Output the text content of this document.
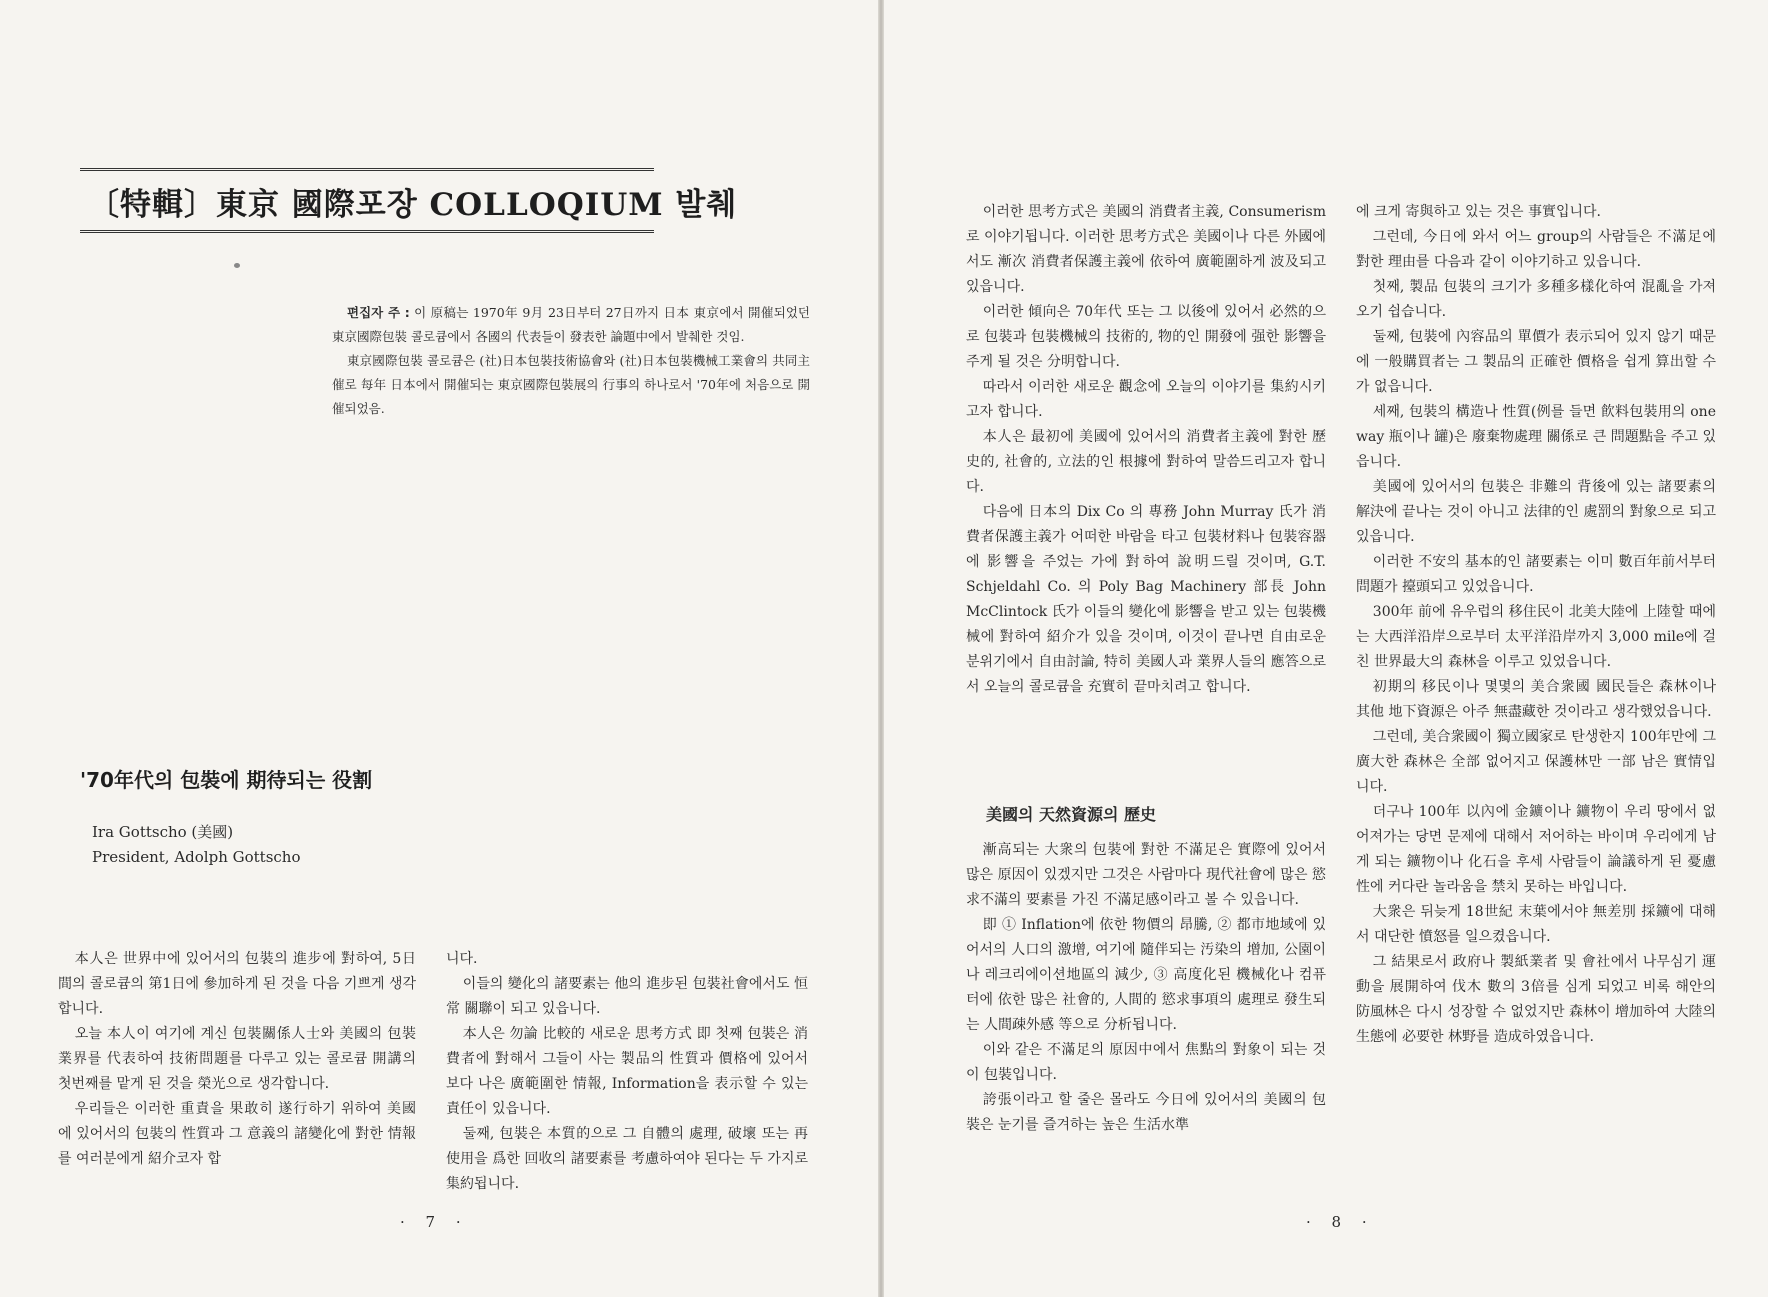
〔特輯〕東京 國際포장 COLLOQIUM 발췌

편집자 주 : 이 原稿는 1970年 9月 23日부터 27日까지 日本 東京에서 開催되었던 東京國際包裝 콜로큠에서 各國의 代表들이 發表한 論題中에서 발췌한 것임.

東京國際包裝 콜로큠은 (社)日本包裝技術協會와 (社)日本包裝機械工業會의 共同主催로 每年 日本에서 開催되는 東京國際包裝展의 行事의 하나로서 '70年에 처음으로 開催되었음.

'70年代의 包裝에 期待되는 役割
Ira Gottscho (美國)
President, Adolph Gottscho

本人은 世界中에 있어서의 包裝의 進步에 對하여, 5日間의 콜로큠의 第1日에 參加하게 된 것을 다음 기쁘게 생각합니다.

오늘 本人이 여기에 계신 包裝關係人士와 美國의 包裝業界를 代表하여 技術問題를 다루고 있는 콜로큠 開講의 첫번째를 맡게 된 것을 榮光으로 생각합니다.

우리들은 이러한 重責을 果敢히 遂行하기 위하여 美國에 있어서의 包裝의 性質과 그 意義의 諸變化에 對한 情報를 여러분에게 紹介코자 합

니다.

이들의 變化의 諸要素는 他의 進步된 包裝社會에서도 恒常 關聯이 되고 있읍니다.

本人은 勿論 比較的 새로운 思考方式 即 첫째 包裝은 消費者에 對해서 그들이 사는 製品의 性質과 價格에 있어서 보다 나은 廣範圍한 情報, Information을 表示할 수 있는 責任이 있읍니다.

둘째, 包裝은 本質的으로 그 自體의 處理, 破壞 또는 再使用을 爲한 回收의 諸要素를 考慮하여야 된다는 두 가지로 集約됩니다.

이러한 思考方式은 美國의 消費者主義, Consumerism로 이야기됩니다. 이러한 思考方式은 美國이나 다른 外國에서도 漸次 消費者保護主義에 依하여 廣範圍하게 波及되고 있읍니다.

이러한 傾向은 70年代 또는 그 以後에 있어서 必然的으로 包裝과 包裝機械의 技術的, 物的인 開發에 强한 影響을 주게 될 것은 分明합니다.

따라서 이러한 새로운 觀念에 오늘의 이야기를 集約시키고자 합니다.

本人은 最初에 美國에 있어서의 消費者主義에 對한 歷史的, 社會的, 立法的인 根據에 對하여 말씀드리고자 합니다.

다음에 日本의 Dix Co 의 專務 John Murray 氏가 消費者保護主義가 어떠한 바람을 타고 包裝材料나 包裝容器에 影響을 주었는 가에 對하여 說明드릴 것이며, G.T. Schjeldahl Co. 의 Poly Bag Machinery 部長 John McClintock 氏가 이들의 變化에 影響을 받고 있는 包裝機械에 對하여 紹介가 있을 것이며, 이것이 끝나면 自由로운 분위기에서 自由討論, 特히 美國人과 業界人들의 應答으로서 오늘의 콜로큠을 充實히 끝마치려고 합니다.

美國의 天然資源의 歷史

漸高되는 大衆의 包裝에 對한 不滿足은 實際에 있어서 많은 原因이 있겠지만 그것은 사람마다 現代社會에 많은 慾求不滿의 要素를 가진 不滿足感이라고 볼 수 있읍니다.

即 ① Inflation에 依한 物價의 昂騰, ② 都市地域에 있어서의 人口의 激增, 여기에 隨伴되는 汚染의 增加, 公園이나 레크리에이션地區의 減少, ③ 高度化된 機械化나 컴퓨터에 依한 많은 社會的, 人間的 慾求事項의 處理로 發生되는 人間疎外感 等으로 分析됩니다.

이와 같은 不滿足의 原因中에서 焦點의 對象이 되는 것이 包裝입니다.

誇張이라고 할 줄은 몰라도 今日에 있어서의 美國의 包裝은 눈기를 즐겨하는 높은 生活水準

에 크게 寄與하고 있는 것은 事實입니다.

그런데, 今日에 와서 어느 group의 사람들은 不滿足에 對한 理由를 다음과 같이 이야기하고 있읍니다.

첫째, 製品 包裝의 크기가 多種多樣化하여 混亂을 가져오기 쉽습니다.

둘째, 包裝에 內容品의 單價가 表示되어 있지 않기 때문에 一般購買者는 그 製品의 正確한 價格을 쉽게 算出할 수가 없읍니다.

세째, 包裝의 構造나 性質(例를 들면 飮料包裝用의 one way 瓶이나 罐)은 廢棄物處理 關係로 큰 問題點을 주고 있읍니다.

美國에 있어서의 包裝은 非難의 背後에 있는 諸要素의 解決에 끝나는 것이 아니고 法律的인 處罰의 對象으로 되고 있읍니다.

이러한 不安의 基本的인 諸要素는 이미 數百年前서부터 問題가 擡頭되고 있었읍니다.

300年 前에 유우럽의 移住民이 北美大陸에 上陸할 때에는 大西洋沿岸으로부터 太平洋沿岸까지 3,000 mile에 걸친 世界最大의 森林을 이루고 있었읍니다.

初期의 移民이나 몇몇의 美合衆國 國民들은 森林이나 其他 地下資源은 아주 無盡藏한 것이라고 생각했었읍니다.

그런데, 美合衆國이 獨立國家로 탄생한지 100年만에 그 廣大한 森林은 全部 없어지고 保護林만 一部 남은 實情입니다.

더구나 100年 以內에 金鑛이나 鑛物이 우리 땅에서 없어져가는 당면 문제에 대해서 저어하는 바이며 우리에게 남게 되는 鑛物이나 化石을 후세 사람들이 論議하게 된 憂慮性에 커다란 놀라움을 禁치 못하는 바입니다.

大衆은 뒤늦게 18世紀 末葉에서야 無差別 採鑛에 대해서 대단한 憤怒를 일으켰읍니다.

그 結果로서 政府나 製紙業者 및 會社에서 나무심기 運動을 展開하여 伐木 數의 3倍를 심게 되었고 비록 해안의 防風林은 다시 성장할 수 없었지만 森林이 增加하여 大陸의 生態에 必要한 林野를 造成하였읍니다.

· 7 ·	· 8 ·
